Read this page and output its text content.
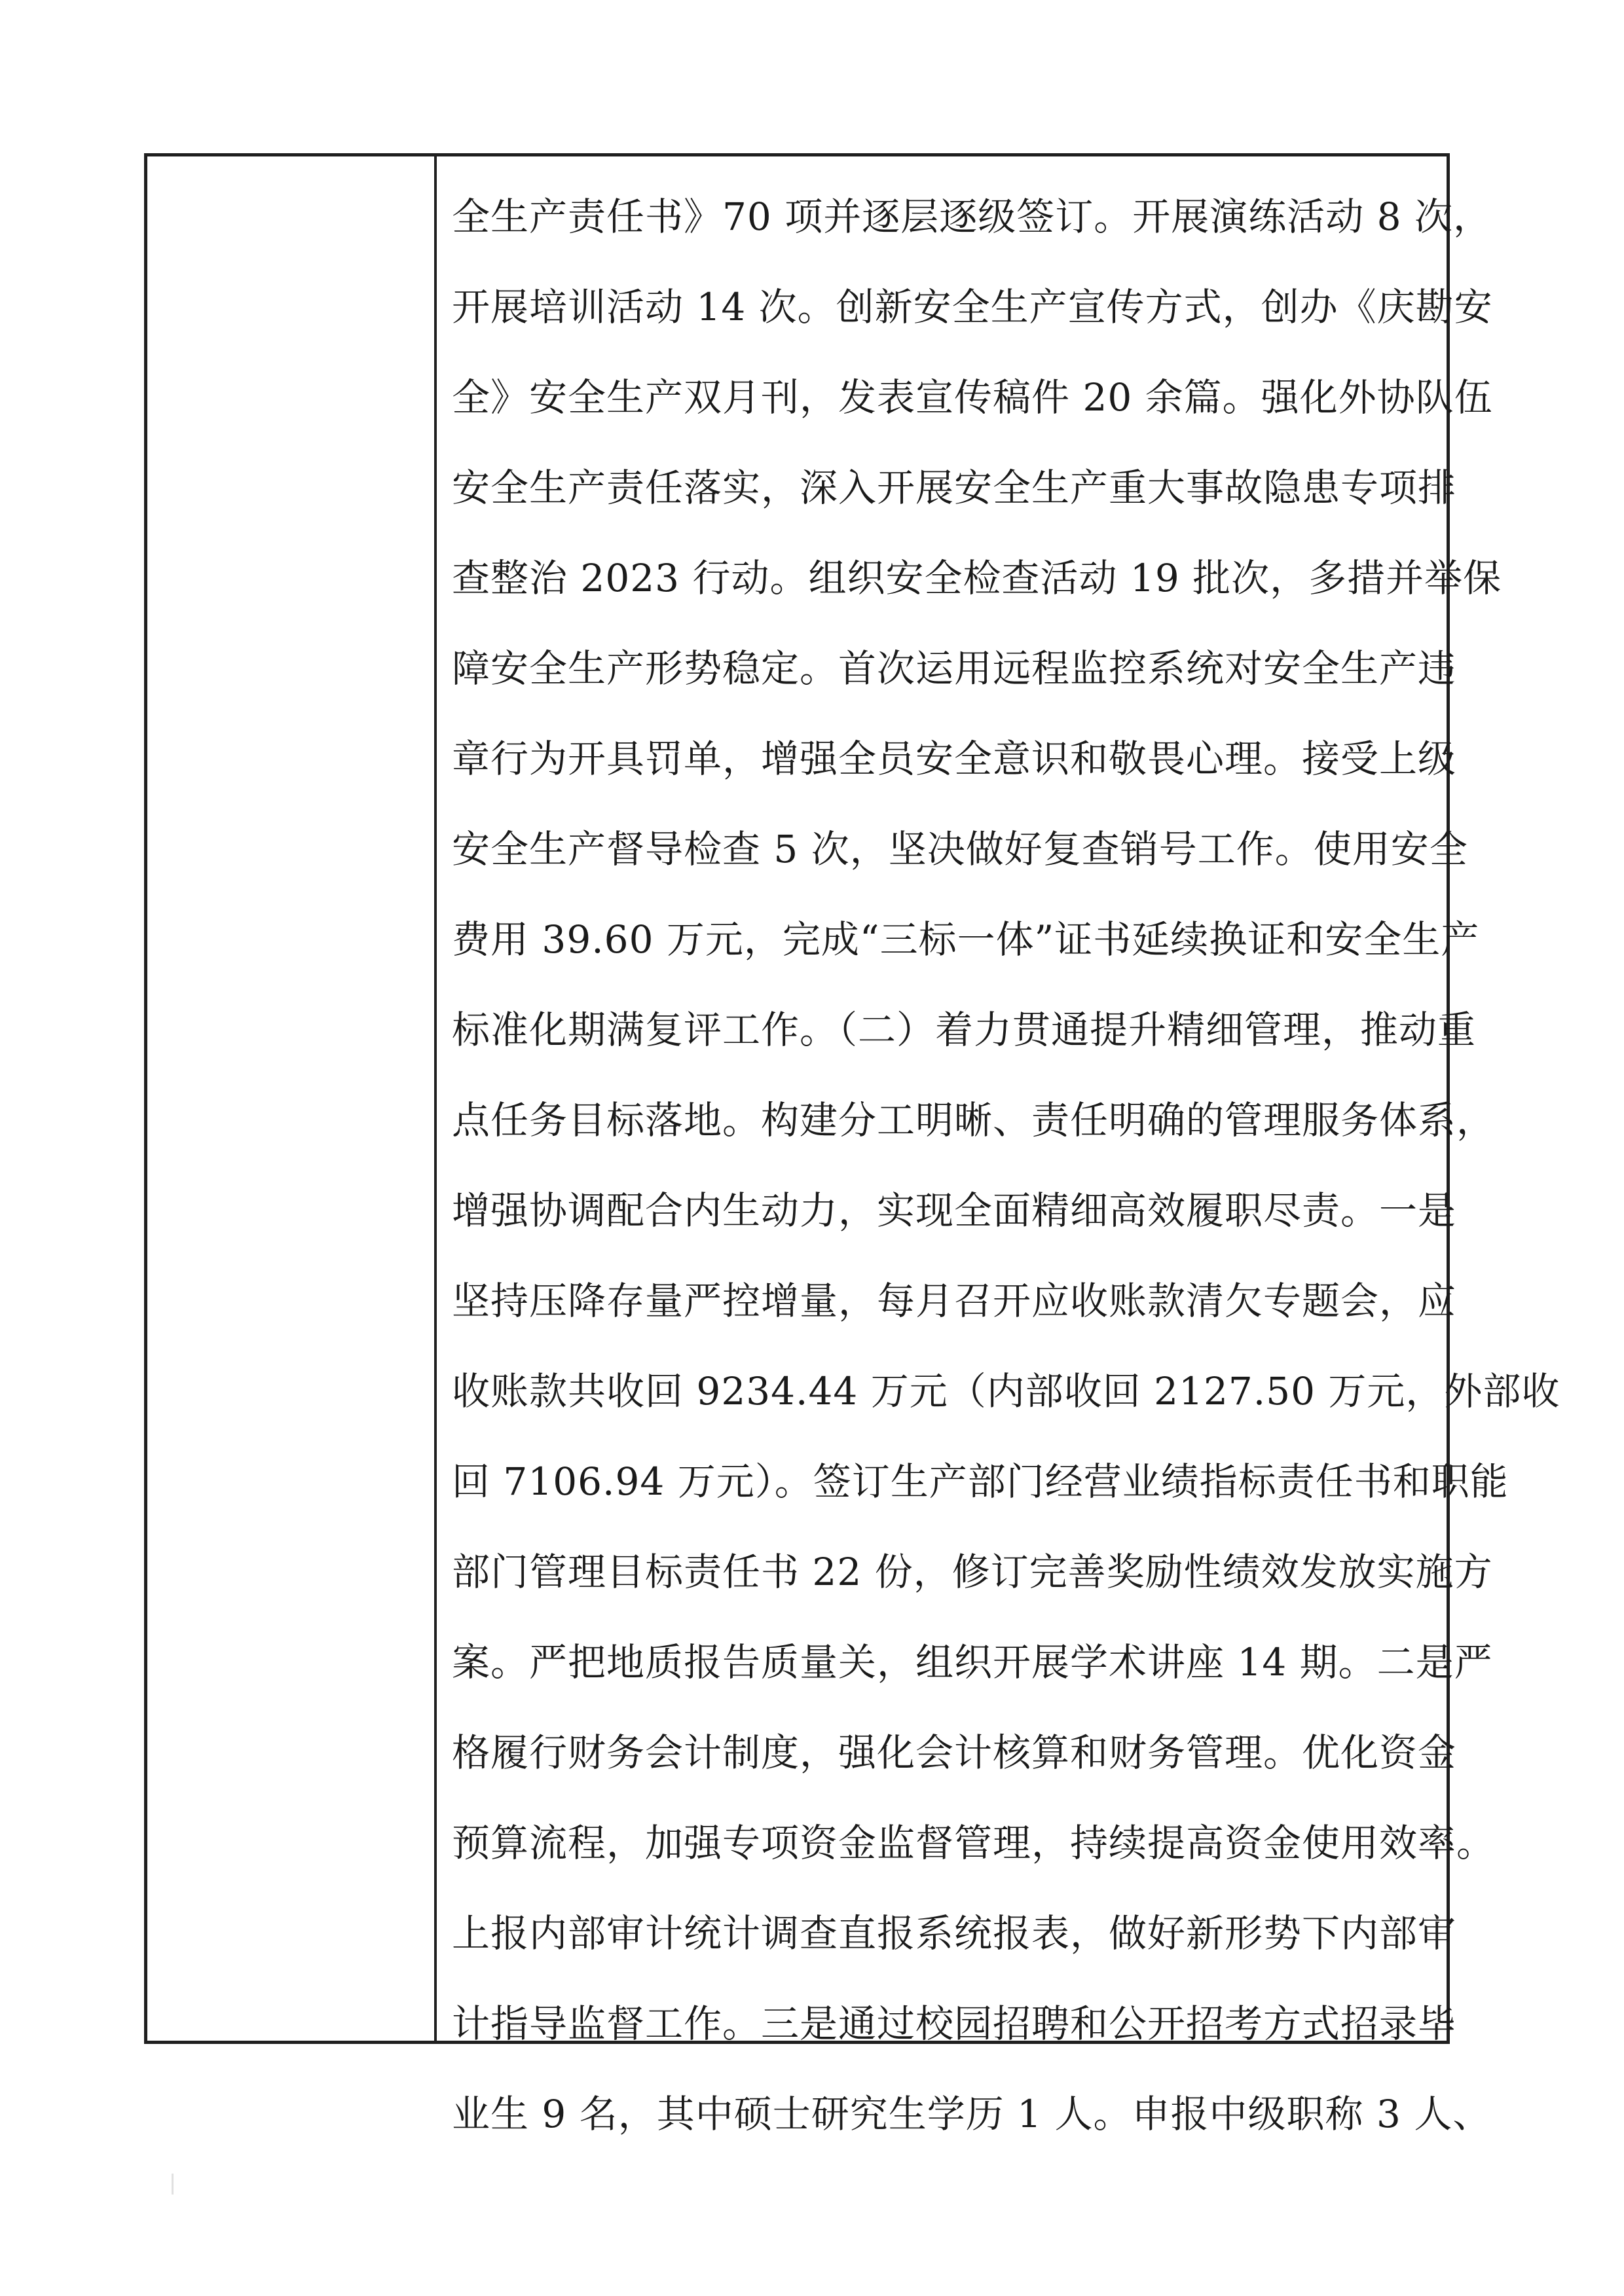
全生产责任书》70 项并逐层逐级签订。开展演练活动 8 次，
开展培训活动 14 次。创新安全生产宣传方式，创办《庆勘安
全》安全生产双月刊，发表宣传稿件 20 余篇。强化外协队伍
安全生产责任落实，深入开展安全生产重大事故隐患专项排
查整治 2023 行动。组织安全检查活动 19 批次，多措并举保
障安全生产形势稳定。首次运用远程监控系统对安全生产违
章行为开具罚单，增强全员安全意识和敬畏心理。接受上级
安全生产督导检查 5 次，坚决做好复查销号工作。使用安全
费用 39.60 万元，完成“三标一体”证书延续换证和安全生产
标准化期满复评工作。（二）着力贯通提升精细管理，推动重
点任务目标落地。构建分工明晰、责任明确的管理服务体系，
增强协调配合内生动力，实现全面精细高效履职尽责。一是
坚持压降存量严控增量，每月召开应收账款清欠专题会，应
收账款共收回 9234.44 万元（内部收回 2127.50 万元，外部收
回 7106.94 万元）。签订生产部门经营业绩指标责任书和职能
部门管理目标责任书 22 份，修订完善奖励性绩效发放实施方
案。严把地质报告质量关，组织开展学术讲座 14 期。二是严
格履行财务会计制度，强化会计核算和财务管理。优化资金
预算流程，加强专项资金监督管理，持续提高资金使用效率。
上报内部审计统计调查直报系统报表，做好新形势下内部审
计指导监督工作。三是通过校园招聘和公开招考方式招录毕
业生 9 名，其中硕士研究生学历 1 人。申报中级职称 3 人、
